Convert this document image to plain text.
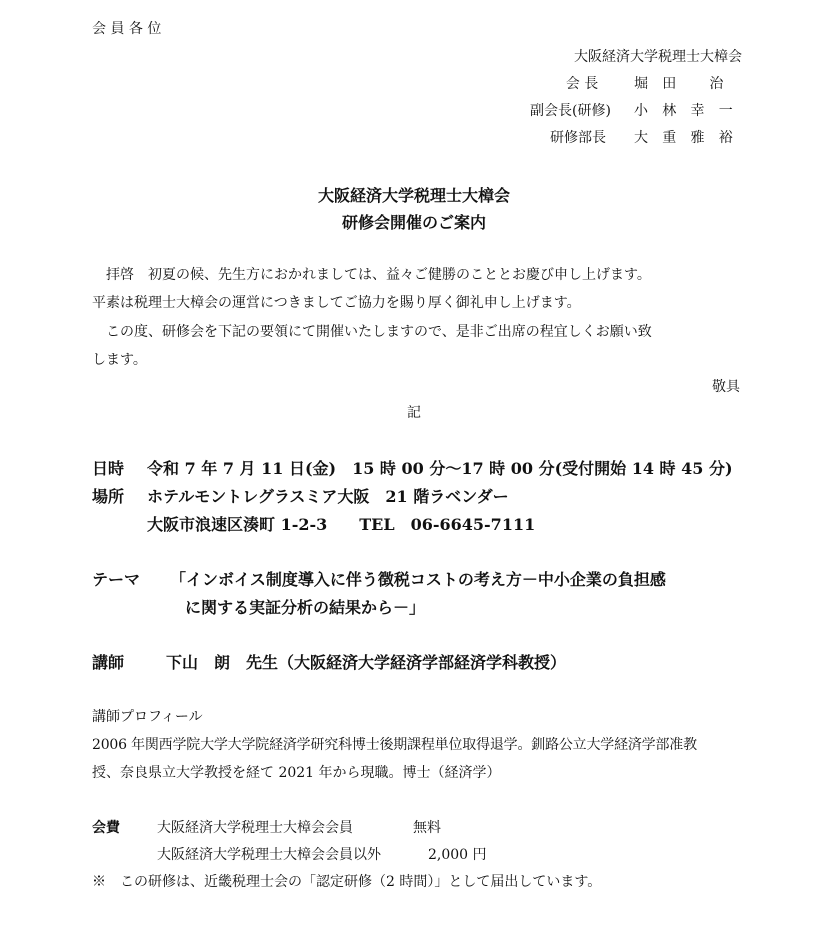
会 員 各 位
大阪経済大学税理士大樟会
会 長	堀 田　 治
副会長(研修) 小 林 幸 一
研修部長 大 重 雅 裕
大阪経済大学税理士大樟会
研修会開催のご案内
拝啓　初夏の候、先生方におかれましては、益々ご健勝のこととお慶び申し上げます。
平素は税理士大樟会の運営につきましてご協力を賜り厚く御礼申し上げます。
この度、研修会を下記の要領にて開催いたしますので、是非ご出席の程宜しくお願い致
します。
敬具
記
日時 令和 7 年 7 月 11 日(金)　15 時 00 分～17 時 00 分(受付開始 14 時 45 分)
場所 ホテルモントレグラスミア大阪　21 階ラベンダー
大阪市浪速区湊町 1-2-3　　TEL　06-6645-7111
テーマ 「インボイス制度導入に伴う徴税コストの考え方－中小企業の負担感
に関する実証分析の結果から－」
講師	下山　朗　先生（大阪経済大学経済学部経済学科教授）
講師プロフィール
2006 年関西学院大学大学院経済学研究科博士後期課程単位取得退学。釧路公立大学経済学部准教
授、奈良県立大学教授を経て 2021 年から現職。博士（経済学）
会費	大阪経済大学税理士大樟会会員	無料
大阪経済大学税理士大樟会会員以外	2,000 円
※　この研修は、近畿税理士会の「認定研修（2 時間）」として届出しています。
